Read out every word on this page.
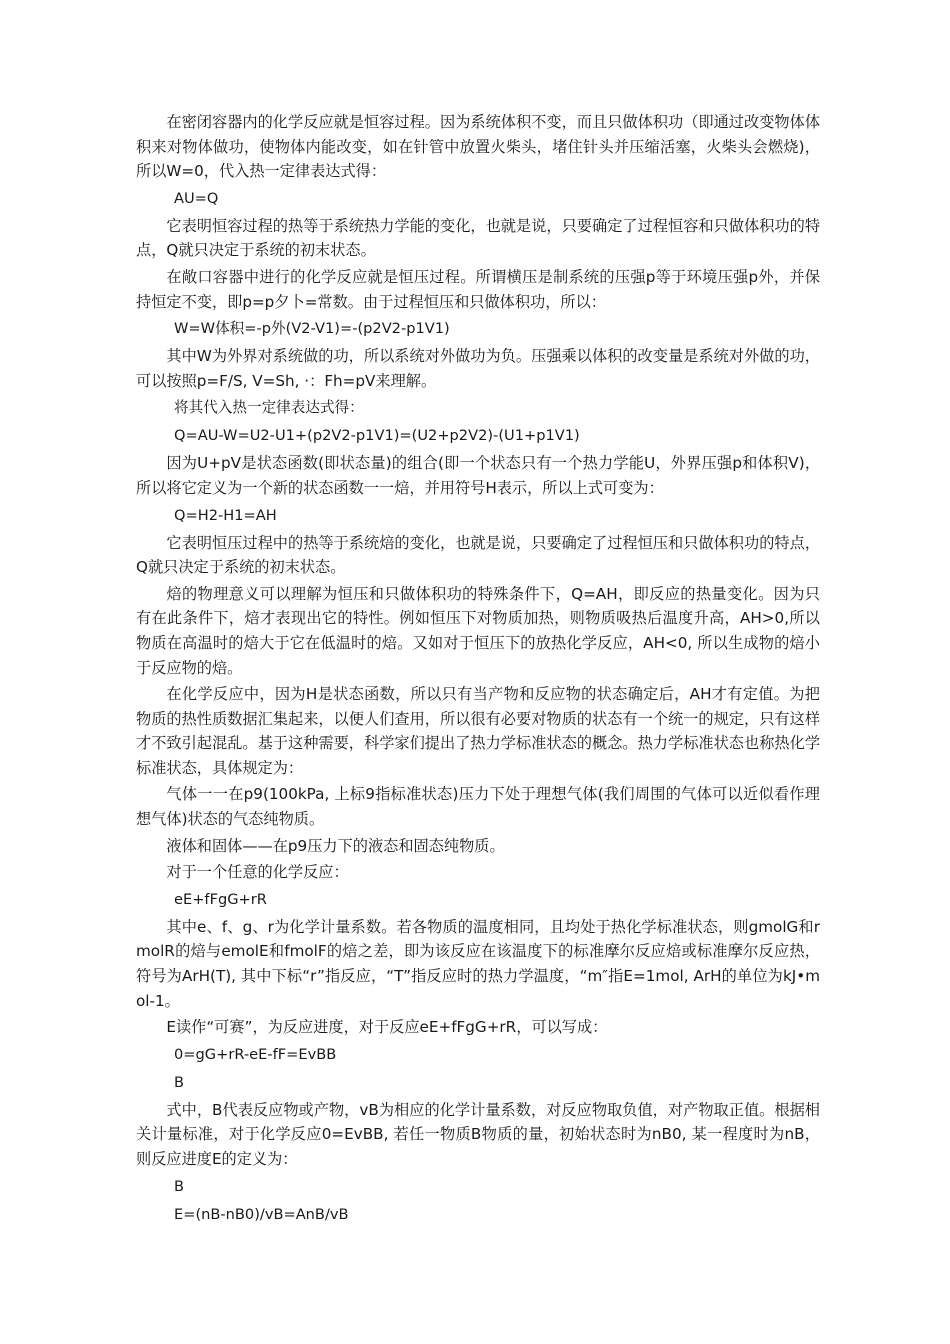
在密闭容器内的化学反应就是恒容过程。因为系统体积不变，而且只做体积功（即通过改变物体体积来对物体做功，使物体内能改变，如在针管中放置火柴头，堵住针头并压缩活塞，火柴头会燃烧)，所以W=0，代入热一定律表达式得：

AU=Q

它表明恒容过程的热等于系统热力学能的变化，也就是说，只要确定了过程恒容和只做体积功的特点，Q就只决定于系统的初末状态。

在敞口容器中进行的化学反应就是恒压过程。所谓横压是制系统的压强p等于环境压强p外，并保持恒定不变，即p=p夕卜=常数。由于过程恒压和只做体积功，所以：

W=W体积=-p外(V2-V1)=-(p2V2-p1V1)

其中W为外界对系统做的功，所以系统对外做功为负。压强乘以体积的改变量是系统对外做的功，可以按照p=F/S, V=Sh, ·：Fh=pV来理解。

将其代入热一定律表达式得：
Q=AU-W=U2-U1+(p2V2-p1V1)=(U2+p2V2)-(U1+p1V1)

因为U+pV是状态函数(即状态量)的组合(即一个状态只有一个热力学能U，外界压强p和体积V)，所以将它定义为一个新的状态函数一一焙，并用符号H表示，所以上式可变为：

Q=H2-H1=AH

它表明恒压过程中的热等于系统焙的变化，也就是说，只要确定了过程恒压和只做体积功的特点，Q就只决定于系统的初末状态。

焙的物理意义可以理解为恒压和只做体积功的特殊条件下，Q=AH，即反应的热量变化。因为只有在此条件下，焙才表现出它的特性。例如恒压下对物质加热，则物质吸热后温度升高，AH>0,所以物质在高温时的焙大于它在低温时的焙。又如对于恒压下的放热化学反应，AH<0, 所以生成物的焙小于反应物的焙。

在化学反应中，因为H是状态函数，所以只有当产物和反应物的状态确定后，AH才有定值。为把物质的热性质数据汇集起来，以便人们查用，所以很有必要对物质的状态有一个统一的规定，只有这样才不致引起混乱。基于这种需要，科学家们提出了热力学标准状态的概念。热力学标准状态也称热化学标准状态，具体规定为：

气体一一在p9(100kPa, 上标9指标准状态)压力下处于理想气体(我们周围的气体可以近似看作理想气体)状态的气态纯物质。

液体和固体——在p9压力下的液态和固态纯物质。

对于一个任意的化学反应：

eE+fFgG+rR

其中e、f、g、r为化学计量系数。若各物质的温度相同，且均处于热化学标准状态，则gmolG和rmolR的焙与emolE和fmolF的焙之差，即为该反应在该温度下的标准摩尔反应焙或标准摩尔反应热，符号为ArH(T), 其中下标“r”指反应，“T”指反应时的热力学温度，“m″指E=1mol, ArH的单位为kJ•mol-1。

E读作“可赛”，为反应进度，对于反应eE+fFgG+rR，可以写成：

0=gG+rR-eE-fF=EvBB
B

式中，B代表反应物或产物，vB为相应的化学计量系数，对反应物取负值，对产物取正值。根据相关计量标准，对于化学反应0=EvBB, 若任一物质B物质的量，初始状态时为nB0, 某一程度时为nB，则反应进度E的定义为：

B
E=(nB-nB0)/vB=AnB/vB
